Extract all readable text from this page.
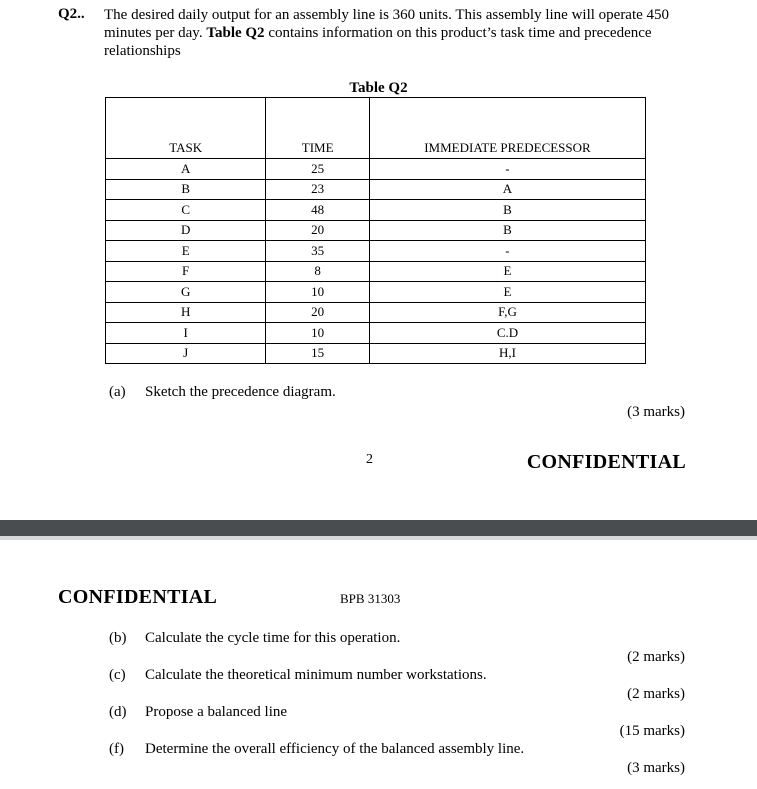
Q2.. The desired daily output for an assembly line is 360 units. This assembly line will operate 450 minutes per day. Table Q2 contains information on this product’s task time and precedence relationships
Table Q2
TASK	TIME	IMMEDIATE PREDECESSOR
A	25	-
B	23	A
C	48	B
D	20	B
E	35	-
F	8	E
G	10	E
H	20	F,G
I	10	C.D
J	15	H,I
(a) Sketch the precedence diagram.
(3 marks)
2	CONFIDENTIAL
CONFIDENTIAL	BPB 31303
(b) Calculate the cycle time for this operation.
(2 marks)
(c) Calculate the theoretical minimum number workstations.
(2 marks)
(d) Propose a balanced line
(15 marks)
(f) Determine the overall efficiency of the balanced assembly line.
(3 marks)
